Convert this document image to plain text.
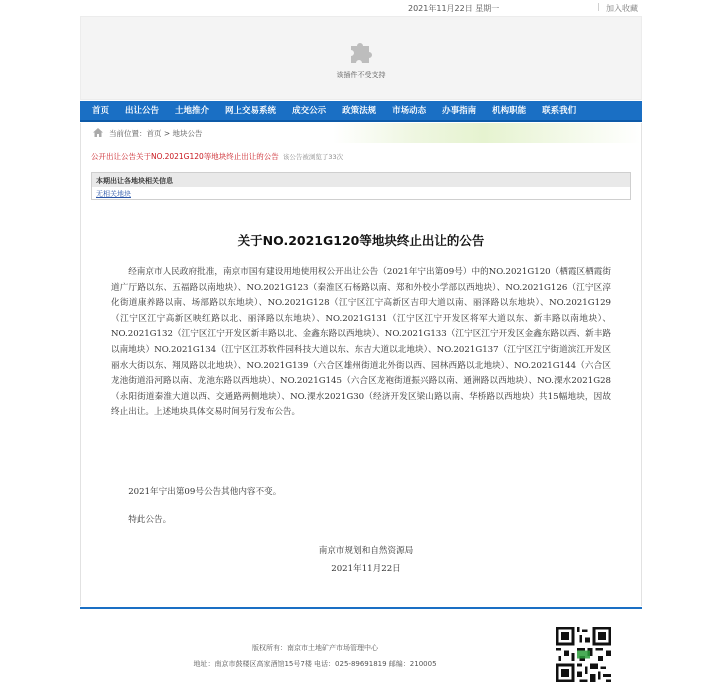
2021年11月22日 星期一	| 加入收藏
该插件不受支持
首页	出让公告	土地推介	网上交易系统	成交公示	政策法规	市场动态	办事指南	机构职能	联系我们
当前位置：首页 > 地块公告
公开出让公告关于NO.2021G120等地块终止出让的公告 该公告被浏览了33次
本期出让各地块相关信息
无相关地块
关于NO.2021G120等地块终止出让的公告

经南京市人民政府批准，南京市国有建设用地使用权公开出让公告（2021年宁出第09号）中的NO.2021G120（栖霞区栖霞街道广厅路以东、五福路以南地块）、NO.2021G123（秦淮区石杨路以南、郑和外校小学部以西地块）、NO.2021G126（江宁区淳化街道康养路以南、场部路以东地块）、NO.2021G128（江宁区江宁高新区吉印大道以南、丽泽路以东地块）、NO.2021G129（江宁区江宁高新区映红路以北、丽泽路以东地块）、NO.2021G131（江宁区江宁开发区将军大道以东、新丰路以南地块）、NO.2021G132（江宁区江宁开发区新丰路以北、金鑫东路以西地块）、NO.2021G133（江宁区江宁开发区金鑫东路以西、新丰路以南地块）NO.2021G134（江宁区江苏软件园科技大道以东、东吉大道以北地块）、NO.2021G137（江宁区江宁街道滨江开发区丽水大街以东、翔凤路以北地块）、NO.2021G139（六合区雄州街道北外街以西、园林西路以北地块）、NO.2021G144（六合区龙池街道沿河路以南、龙池东路以西地块）、NO.2021G145（六合区龙袍街道振兴路以南、通洲路以西地块）、NO.溧水2021G28（永阳街道秦淮大道以西、交通路两侧地块）、NO.溧水2021G30（经济开发区梁山路以南、华桥路以西地块）共15幅地块，因故终止出让。上述地块具体交易时间另行发布公告。

2021年宁出第09号公告其他内容不变。

特此公告。

南京市规划和自然资源局
2021年11月22日
版权所有：南京市土地矿产市场管理中心
地址：南京市鼓楼区高家酒馆15号7楼 电话：025-89691819 邮编：210005
